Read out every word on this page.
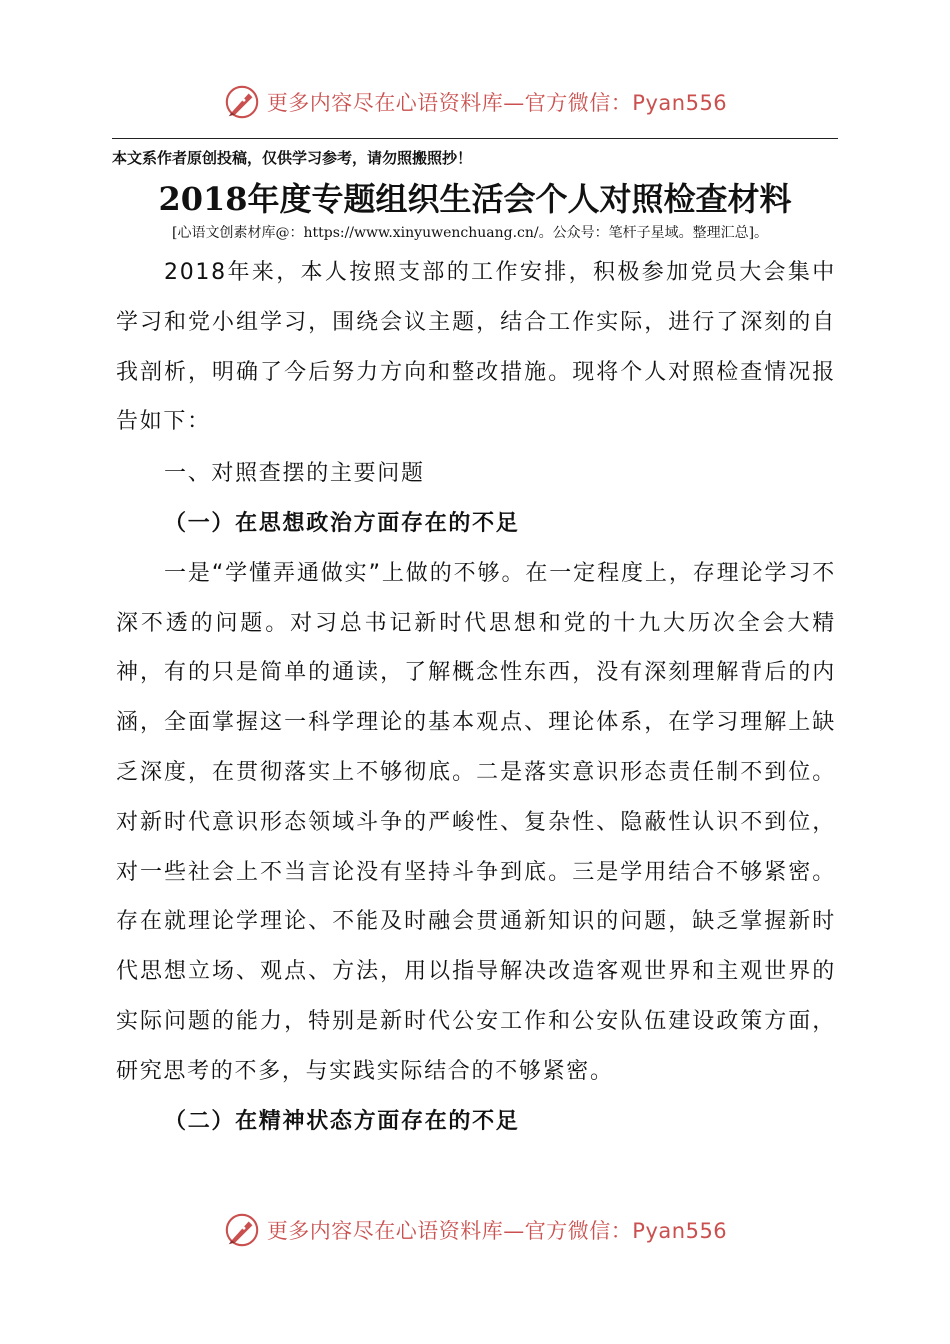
更多内容尽在心语资料库—官方微信：Pyan556
本文系作者原创投稿，仅供学习参考，请勿照搬照抄！
2018年度专题组织生活会个人对照检查材料
[心语文创素材库@：https://www.xinyuwenchuang.cn/。公众号：笔杆子星域。整理汇总]。

2018年来，本人按照支部的工作安排，积极参加党员大会集中学习和党小组学习，围绕会议主题，结合工作实际，进行了深刻的自我剖析，明确了今后努力方向和整改措施。现将个人对照检查情况报告如下：

一、对照查摆的主要问题

（一）在思想政治方面存在的不足

一是“学懂弄通做实”上做的不够。在一定程度上，存理论学习不深不透的问题。对习总书记新时代思想和党的十九大历次全会大精神，有的只是简单的通读，了解概念性东西，没有深刻理解背后的内涵，全面掌握这一科学理论的基本观点、理论体系，在学习理解上缺乏深度，在贯彻落实上不够彻底。二是落实意识形态责任制不到位。对新时代意识形态领域斗争的严峻性、复杂性、隐蔽性认识不到位，对一些社会上不当言论没有坚持斗争到底。三是学用结合不够紧密。存在就理论学理论、不能及时融会贯通新知识的问题，缺乏掌握新时代思想立场、观点、方法，用以指导解决改造客观世界和主观世界的实际问题的能力，特别是新时代公安工作和公安队伍建设政策方面，研究思考的不多，与实践实际结合的不够紧密。

（二）在精神状态方面存在的不足

更多内容尽在心语资料库—官方微信：Pyan556
